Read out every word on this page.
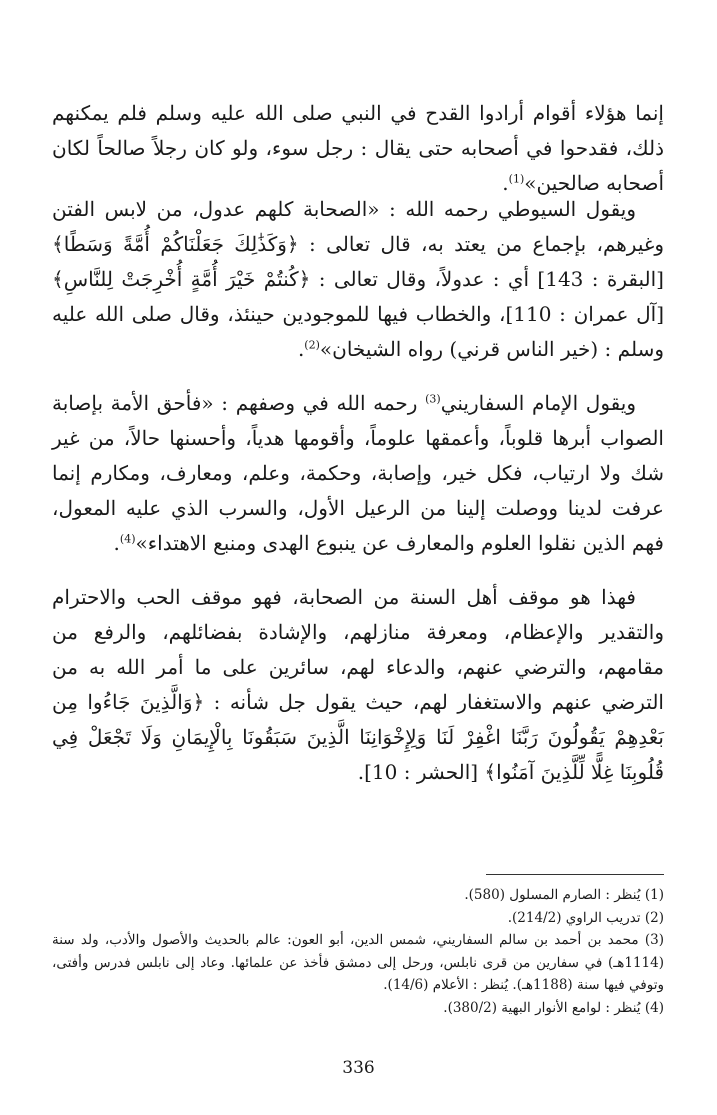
إنما هؤلاء أقوام أرادوا القدح في النبي صلى الله عليه وسلم فلم يمكنهم ذلك، فقدحوا في أصحابه حتى يقال : رجل سوء، ولو كان رجلاً صالحاً لكان أصحابه صالحين»$^{(1)}$.

ويقول السيوطي رحمه الله : «الصحابة كلهم عدول، من لابس الفتن وغيرهم، بإجماع من يعتد به، قال تعالى : ﴿وَكَذَٰلِكَ جَعَلْنَاكُمْ أُمَّةً وَسَطًا﴾ [البقرة : 143] أي : عدولاً، وقال تعالى : ﴿كُنتُمْ خَيْرَ أُمَّةٍ أُخْرِجَتْ لِلنَّاسِ﴾ [آل عمران : 110]، والخطاب فيها للموجودين حينئذ، وقال صلى الله عليه وسلم : (خير الناس قرني) رواه الشيخان»$^{(2)}$.

ويقول الإمام السفاريني$^{(3)}$ رحمه الله في وصفهم : «فأحق الأمة بإصابة الصواب أبرها قلوباً، وأعمقها علوماً، وأقومها هدياً، وأحسنها حالاً، من غير شك ولا ارتياب، فكل خير، وإصابة، وحكمة، وعلم، ومعارف، ومكارم إنما عرفت لدينا ووصلت إلينا من الرعيل الأول، والسرب الذي عليه المعول، فهم الذين نقلوا العلوم والمعارف عن ينبوع الهدى ومنبع الاهتداء»$^{(4)}$.

فهذا هو موقف أهل السنة من الصحابة، فهو موقف الحب والاحترام والتقدير والإعظام، ومعرفة منازلهم، والإشادة بفضائلهم، والرفع من مقامهم، والترضي عنهم، والدعاء لهم، سائرين على ما أمر الله به من الترضي عنهم والاستغفار لهم، حيث يقول جل شأنه : ﴿وَالَّذِينَ جَاءُوا مِن بَعْدِهِمْ يَقُولُونَ رَبَّنَا اغْفِرْ لَنَا وَلِإِخْوَانِنَا الَّذِينَ سَبَقُونَا بِالْإِيمَانِ وَلَا تَجْعَلْ فِي قُلُوبِنَا غِلًّا لِّلَّذِينَ آمَنُوا﴾ [الحشر : 10].

(1) يُنظر : الصارم المسلول (580).

(2) تدريب الراوي (214/2).

(3) محمد بن أحمد بن سالم السفاريني، شمس الدين، أبو العون: عالم بالحديث والأصول والأدب، ولد سنة (1114هـ) في سفارين من قرى نابلس، ورحل إلى دمشق فأخذ عن علمائها. وعاد إلى نابلس فدرس وأفتى، وتوفي فيها سنة (1188هـ). يُنظر : الأعلام (14/6).

(4) يُنظر : لوامع الأنوار البهية (380/2).

336
